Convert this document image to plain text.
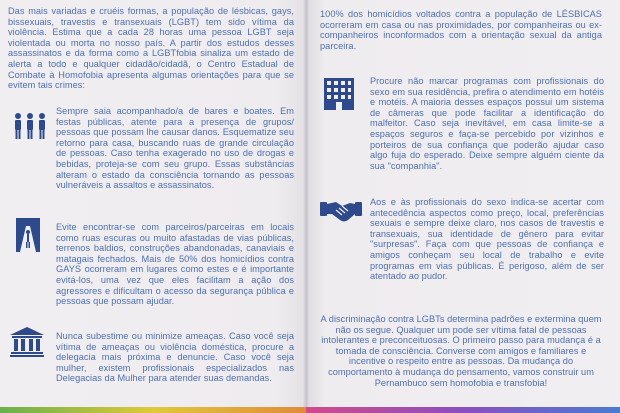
Das mais variadas e cruéis formas, a população de lésbicas, gays, bissexuais, travestis e transexuais (LGBT) tem sido vítima da violência. Estima que a cada 28 horas uma pessoa LGBT seja violentada ou morta no nosso país. A partir dos estudos desses assassinatos e da forma como a LGBTfobia sinaliza um estado de alerta a todo e qualquer cidadão/cidadã, o Centro Estadual de Combate à Homofobia apresenta algumas orientações para que se evitem tais crimes:

Sempre saia acompanhado/a de bares e boates. Em festas públicas, atente para a presença de grupos/ pessoas que possam lhe causar danos. Esquematize seu retorno para casa, buscando ruas de grande circulação de pessoas. Caso tenha exagerado no uso de drogas e bebidas, proteja-se com seu grupo. Essas substâncias alteram o estado da consciência tornando as pessoas vulneráveis a assaltos e assassinatos.

Evite encontrar-se com parceiros/parceiras em locais como ruas escuras ou muito afastadas de vias públicas, terrenos baldios, construções abandonadas, canaviais e matagais fechados. Mais de 50% dos homicídios contra GAYS ocorreram em lugares como estes e é importante evitá-los, uma vez que eles facilitam a ação dos agressores e dificultam o acesso da segurança pública e pessoas que possam ajudar.

Nunca subestime ou minimize ameaças. Caso você seja vítima de ameaças ou violência doméstica, procure a delegacia mais próxima e denuncie. Caso você seja mulher, existem profissionais especializados nas Delegacias da Mulher para atender suas demandas.

100% dos homicídios voltados contra a população de LÉSBICAS ocorreram em casa ou nas proximidades, por companheiras ou ex-companheiros inconformados com a orientação sexual da antiga parceira.

Procure não marcar programas com profissionais do sexo em sua residência, prefira o atendimento em hotéis e motéis. A maioria desses espaços possui um sistema de câmeras que pode facilitar a identificação do malfeitor. Caso seja inevitável, em casa limite-se a espaços seguros e faça-se percebido por vizinhos e porteiros de sua confiança que poderão ajudar caso algo fuja do esperado. Deixe sempre alguém ciente da sua "companhia".

Aos e às profissionais do sexo indica-se acertar com antecedência aspectos como preço, local, preferências sexuais e sempre deixe claro, nos casos de travestis e transexuais, sua identidade de gênero para evitar "surpresas". Faça com que pessoas de confiança e amigos conheçam seu local de trabalho e evite programas em vias públicas. É perigoso, além de ser atentado ao pudor.

A discriminação contra LGBTs determina padrões e extermina quem não os segue. Qualquer um pode ser vítima fatal de pessoas intolerantes e preconceituosas. O primeiro passo para mudança é a tomada de consciência. Converse com amigos e familiares e incentive o respeito entre as pessoas. Da mudança do comportamento à mudança do pensamento, vamos construir um Pernambuco sem homofobia e transfobia!
